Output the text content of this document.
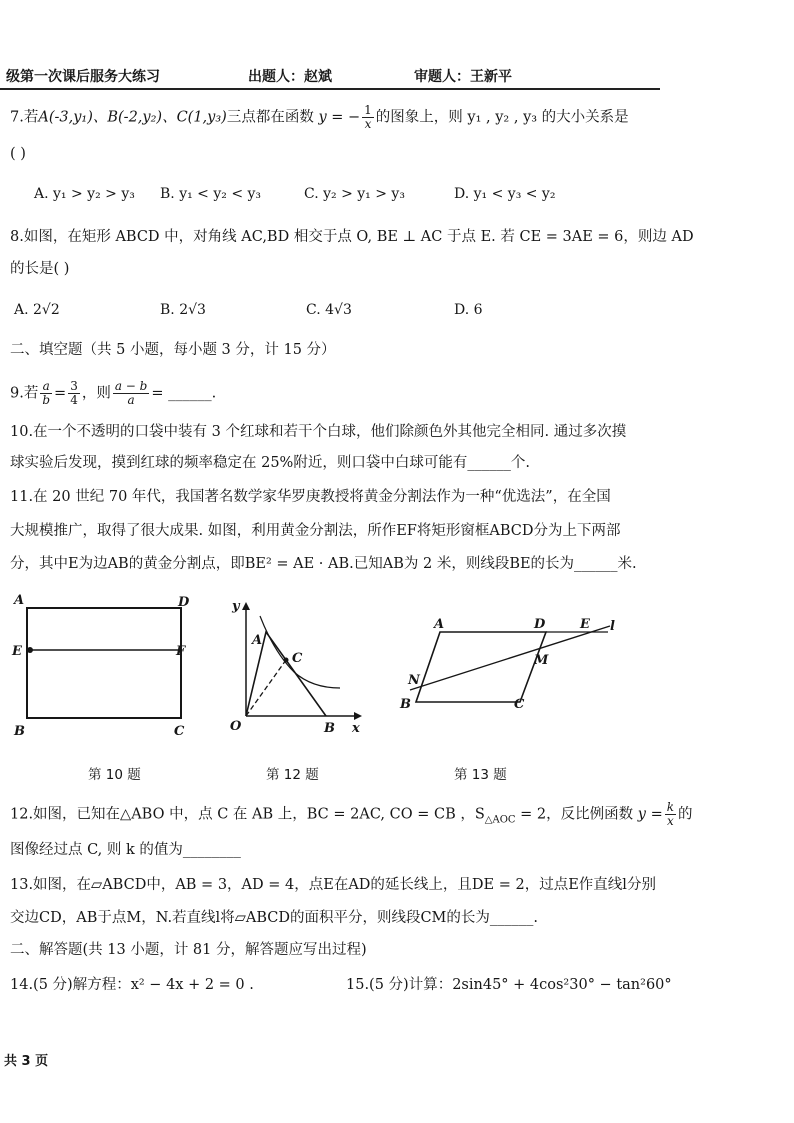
级第一次课后服务大练习	出题人：赵斌	审题人：王新平
7.若A(-3,y₁)、B(-2,y₂)、C(1,y₃)三点都在函数 y = − $\frac{1}{x}$ 的图象上，则 y₁ , y₂ , y₃ 的大小关系是
( )
A. y₁ > y₂ > y₃ B. y₁ < y₂ < y₃	C. y₂ > y₁ > y₃	D. y₁ < y₃ < y₂
8.如图，在矩形 ABCD 中，对角线 AC,BD 相交于点 O, BE ⊥ AC 于点 E. 若 CE = 3AE = 6，则边 AD
的长是( )
A. 2√2	B. 2√3	C. 4√3	D. 6
二、填空题（共 5 小题，每小题 3 分，计 15 分）
9.若 $\frac{a}{b} = \frac{3}{4}$ ，则 $\frac{a - b}{a}$ = ______.
10.在一个不透明的口袋中装有 3 个红球和若干个白球，他们除颜色外其他完全相同. 通过多次摸
球实验后发现，摸到红球的频率稳定在 25%附近，则口袋中白球可能有______个.
11.在 20 世纪 70 年代，我国著名数学家华罗庚教授将黄金分割法作为一种“优选法”，在全国
大规模推广，取得了很大成果. 如图，利用黄金分割法，所作EF将矩形窗框ABCD分为上下两部
分，其中E为边AB的黄金分割点，即BE² = AE · AB.已知AB为 2 米，则线段BE的长为______米.
A	D
E	F
B	C
第 10 题
y
A
C
O	B x
第 12 题
A	D	E l
M
N
B	C
第 13 题
12.如图，已知在△ABO 中，点 C 在 AB 上，BC = 2AC, CO = CB ，$S_{\triangle AOC} = 2$，反比例函数 $y = \frac{k}{x}$ 的
图像经过点 C, 则 k 的值为________
13.如图，在▱ABCD中，AB = 3，AD = 4，点E在AD的延长线上，且DE = 2，过点E作直线l分别
交边CD，AB于点M，N.若直线l将▱ABCD的面积平分，则线段CM的长为______.
二、解答题(共 13 小题，计 81 分，解答题应写出过程)
14.(5 分)解方程：x² − 4x + 2 = 0 .	15.(5 分)计算：2sin45° + 4cos²30° − tan²60°
共 3 页
